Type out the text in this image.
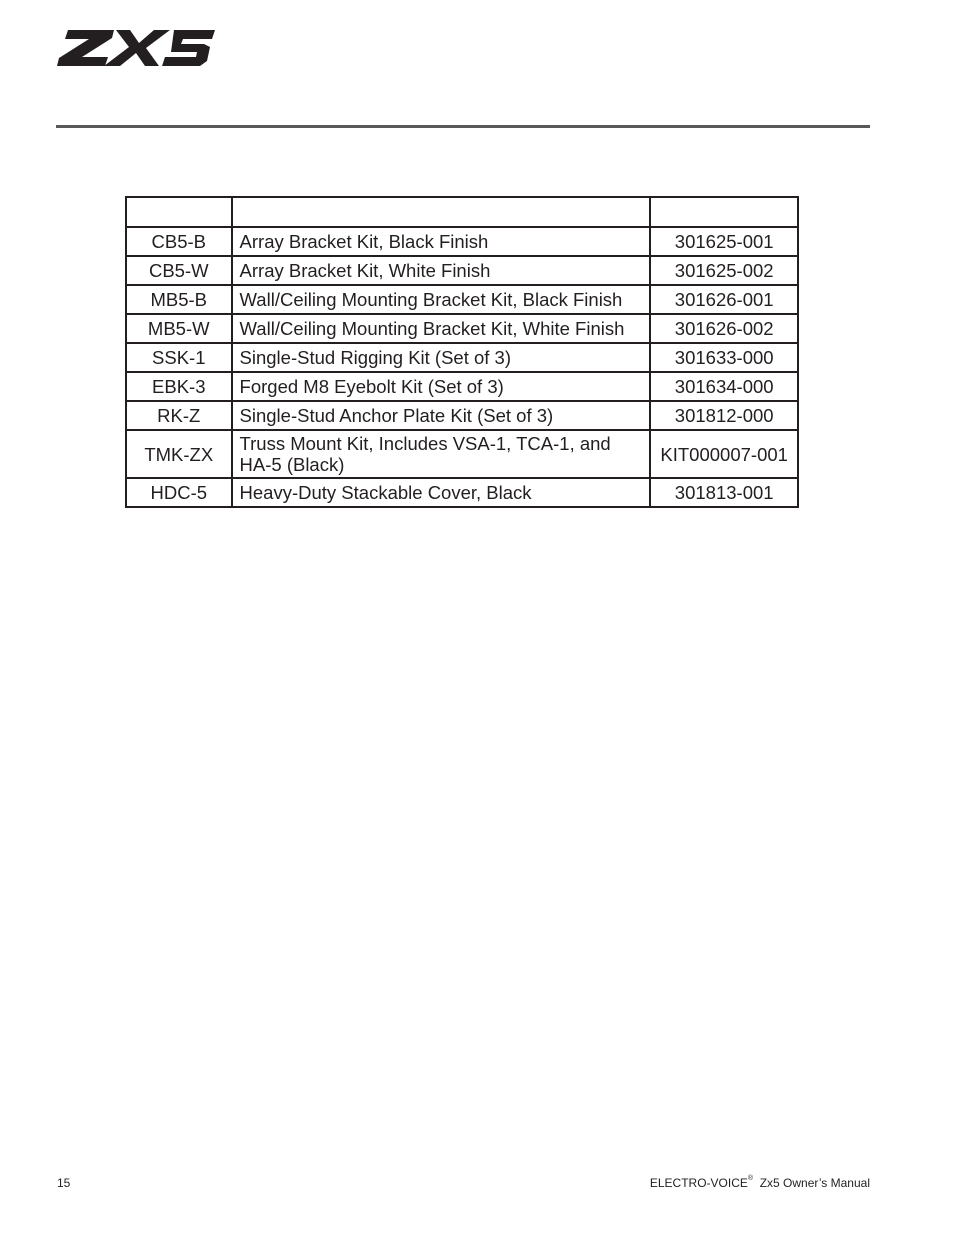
CB5-B	Array Bracket Kit, Black Finish	301625-001
CB5-W	Array Bracket Kit, White Finish	301625-002
MB5-B	Wall/Ceiling Mounting Bracket Kit, Black Finish	301626-001
MB5-W	Wall/Ceiling Mounting Bracket Kit, White Finish	301626-002
SSK-1	Single-Stud Rigging Kit (Set of 3)	301633-000
EBK-3	Forged M8 Eyebolt Kit (Set of 3)	301634-000
RK-Z	Single-Stud Anchor Plate Kit (Set of 3)	301812-000
TMK-ZX	Truss Mount Kit, Includes VSA-1, TCA-1, and HA-5 (Black)	KIT000007-001
HDC-5	Heavy-Duty Stackable Cover, Black	301813-001
15	ELECTRO-VOICE® Zx5 Owner’s Manual
